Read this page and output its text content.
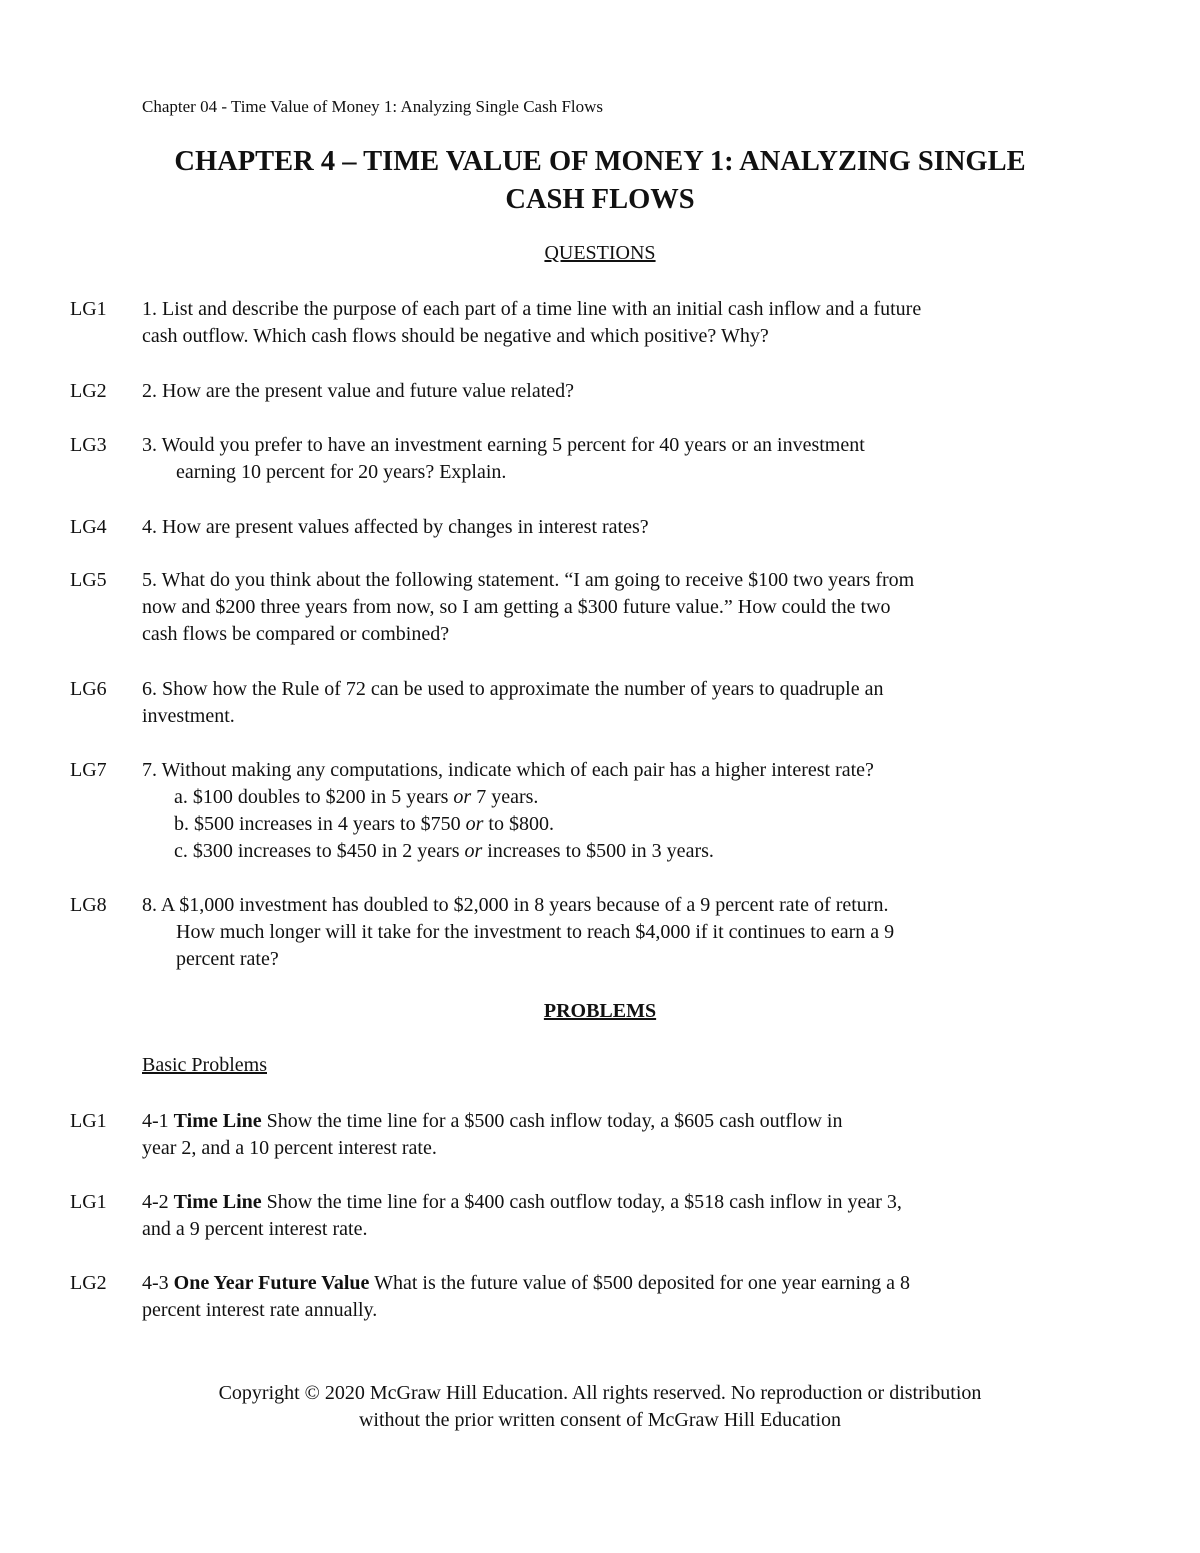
Chapter 04 - Time Value of Money 1: Analyzing Single Cash Flows
CHAPTER 4 – TIME VALUE OF MONEY 1: ANALYZING SINGLE
CASH FLOWS
QUESTIONS
LG1 1. List and describe the purpose of each part of a time line with an initial cash inflow and a future
cash outflow. Which cash flows should be negative and which positive? Why?
LG2 2. How are the present value and future value related?
LG3 3. Would you prefer to have an investment earning 5 percent for 40 years or an investment
earning 10 percent for 20 years? Explain.
LG4 4. How are present values affected by changes in interest rates?
LG5 5. What do you think about the following statement. “I am going to receive $100 two years from
now and $200 three years from now, so I am getting a $300 future value.” How could the two
cash flows be compared or combined?
LG6 6. Show how the Rule of 72 can be used to approximate the number of years to quadruple an
investment.
LG7 7. Without making any computations, indicate which of each pair has a higher interest rate?
a. $100 doubles to $200 in 5 years or 7 years.
b. $500 increases in 4 years to $750 or to $800.
c. $300 increases to $450 in 2 years or increases to $500 in 3 years.
LG8 8. A $1,000 investment has doubled to $2,000 in 8 years because of a 9 percent rate of return.
How much longer will it take for the investment to reach $4,000 if it continues to earn a 9
percent rate?
PROBLEMS
Basic Problems
LG1 4-1 Time Line Show the time line for a $500 cash inflow today, a $605 cash outflow in
year 2, and a 10 percent interest rate.
LG1 4-2 Time Line Show the time line for a $400 cash outflow today, a $518 cash inflow in year 3,
and a 9 percent interest rate.
LG2 4-3 One Year Future Value What is the future value of $500 deposited for one year earning a 8
percent interest rate annually.
Copyright © 2020 McGraw Hill Education. All rights reserved. No reproduction or distribution
without the prior written consent of McGraw Hill Education
